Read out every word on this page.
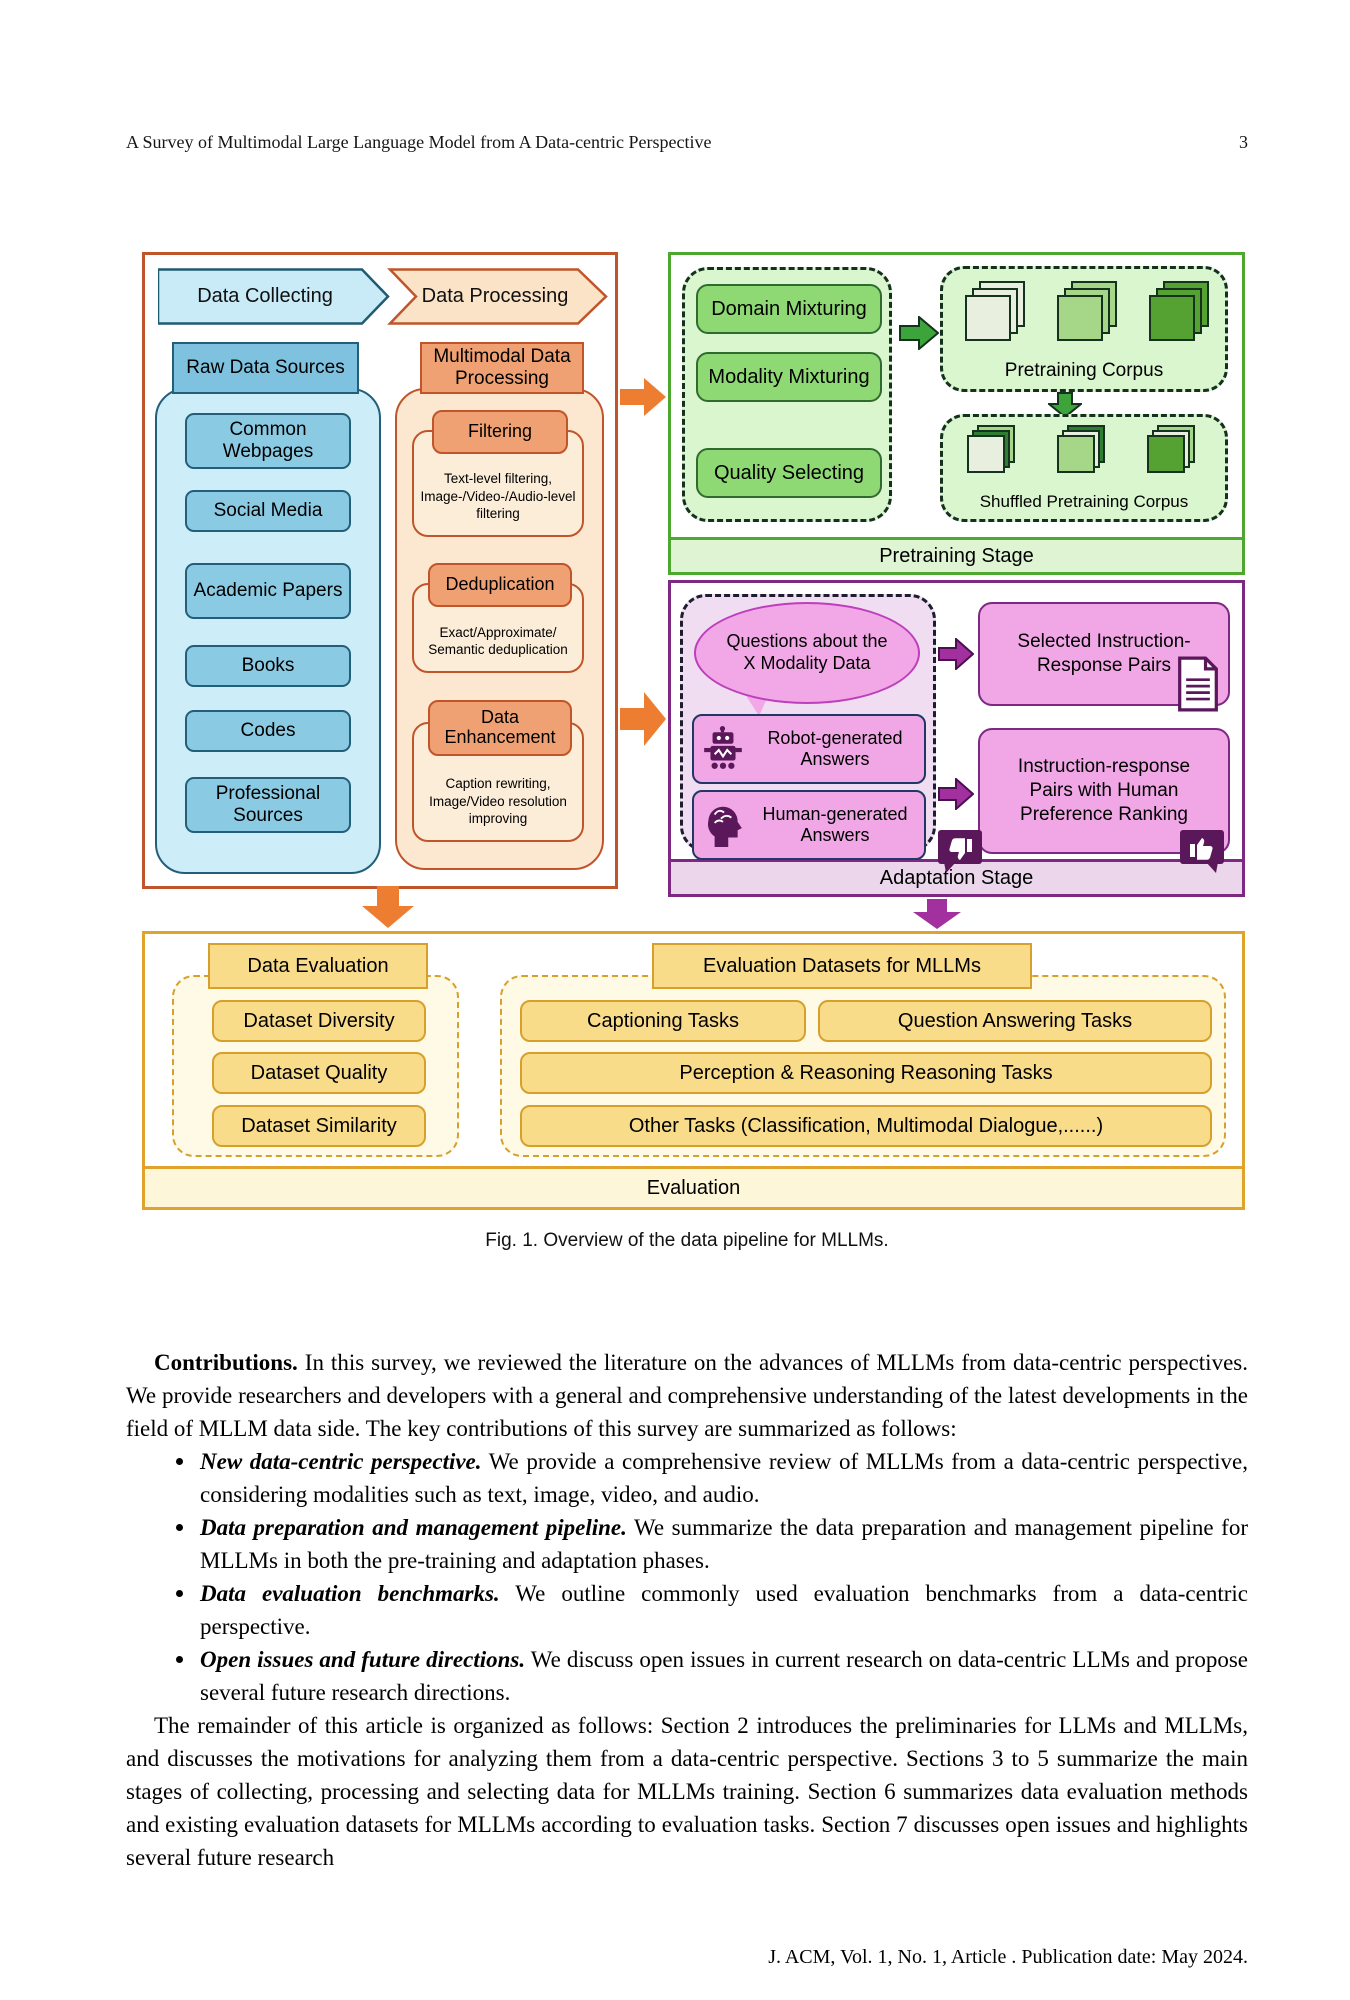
3
A Survey of Multimodal Large Language Model from A Data-centric Perspective
Data Collecting	Data Processing
Raw Data Sources
Common Webpages
Social Media
Academic Papers
Books
Codes
Professional Sources
Multimodal Data Processing
Text-level filtering, Image-/Video-/Audio-level filtering
Filtering
Exact/Approximate/ Semantic deduplication
Deduplication
Caption rewriting, Image/Video resolution improving
Data Enhancement
Pretraining Stage
Domain Mixturing
Modality Mixturing
Quality Selecting
Pretraining Corpus
Shuffled Pretraining Corpus
Adaptation Stage
Questions about the X Modality Data
Robot-generated Answers
Human-generated Answers
Selected Instruction-Response Pairs
Instruction-response Pairs with Human Preference Ranking
Evaluation
Data Evaluation
Dataset Diversity
Dataset Quality
Dataset Similarity
Evaluation Datasets for MLLMs
Captioning Tasks	Question Answering Tasks
Perception & Reasoning Reasoning Tasks
Other Tasks (Classification, Multimodal Dialogue,......)
Fig. 1. Overview of the data pipeline for MLLMs.

Contributions. In this survey, we reviewed the literature on the advances of MLLMs from data-centric perspectives. We provide researchers and developers with a general and comprehensive understanding of the latest developments in the field of MLLM data side. The key contributions of this survey are summarized as follows:

New data-centric perspective. We provide a comprehensive review of MLLMs from a data-centric perspective, considering modalities such as text, image, video, and audio.
Data preparation and management pipeline. We summarize the data preparation and management pipeline for MLLMs in both the pre-training and adaptation phases.
Data evaluation benchmarks. We outline commonly used evaluation benchmarks from a data-centric perspective.
Open issues and future directions. We discuss open issues in current research on data-centric LLMs and propose several future research directions.

The remainder of this article is organized as follows: Section 2 introduces the preliminaries for LLMs and MLLMs, and discusses the motivations for analyzing them from a data-centric perspective. Sections 3 to 5 summarize the main stages of collecting, processing and selecting data for MLLMs training. Section 6 summarizes data evaluation methods and existing evaluation datasets for MLLMs according to evaluation tasks. Section 7 discusses open issues and highlights several future research

J. ACM, Vol. 1, No. 1, Article . Publication date: May 2024.
